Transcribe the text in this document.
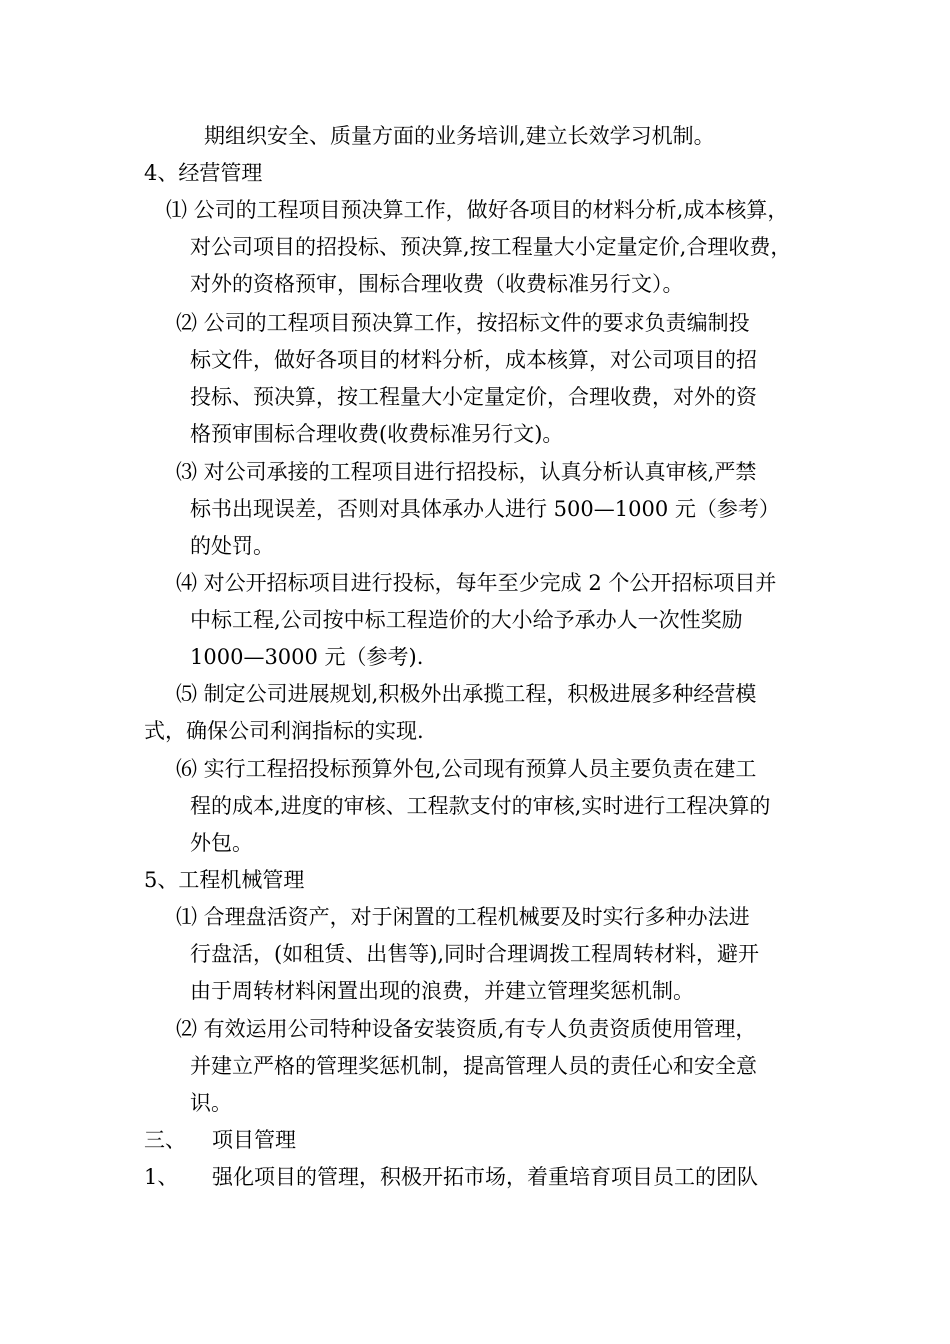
期组织安全、质量方面的业务培训,建立长效学习机制。
4、经营管理
⑴ 公司的工程项目预决算工作，做好各项目的材料分析,成本核算，
对公司项目的招投标、预决算,按工程量大小定量定价,合理收费，
对外的资格预审，围标合理收费（收费标准另行文）。
⑵ 公司的工程项目预决算工作，按招标文件的要求负责编制投
标文件，做好各项目的材料分析，成本核算，对公司项目的招
投标、预决算，按工程量大小定量定价，合理收费，对外的资
格预审围标合理收费(收费标准另行文)。
⑶ 对公司承接的工程项目进行招投标，认真分析认真审核,严禁
标书出现误差，否则对具体承办人进行 500—1000 元（参考）
的处罚。
⑷ 对公开招标项目进行投标，每年至少完成 2 个公开招标项目并
中标工程,公司按中标工程造价的大小给予承办人一次性奖励
1000—3000 元（参考).
⑸ 制定公司进展规划,积极外出承揽工程，积极进展多种经营模
式，确保公司利润指标的实现.
⑹ 实行工程招投标预算外包,公司现有预算人员主要负责在建工
程的成本,进度的审核、工程款支付的审核,实时进行工程决算的
外包。
5、工程机械管理
⑴ 合理盘活资产，对于闲置的工程机械要及时实行多种办法进
行盘活，(如租赁、出售等),同时合理调拨工程周转材料，避开
由于周转材料闲置出现的浪费，并建立管理奖惩机制。
⑵ 有效运用公司特种设备安装资质,有专人负责资质使用管理，
并建立严格的管理奖惩机制，提高管理人员的责任心和安全意
识。
三、 项目管理
1、 强化项目的管理，积极开拓市场，着重培育项目员工的团队
